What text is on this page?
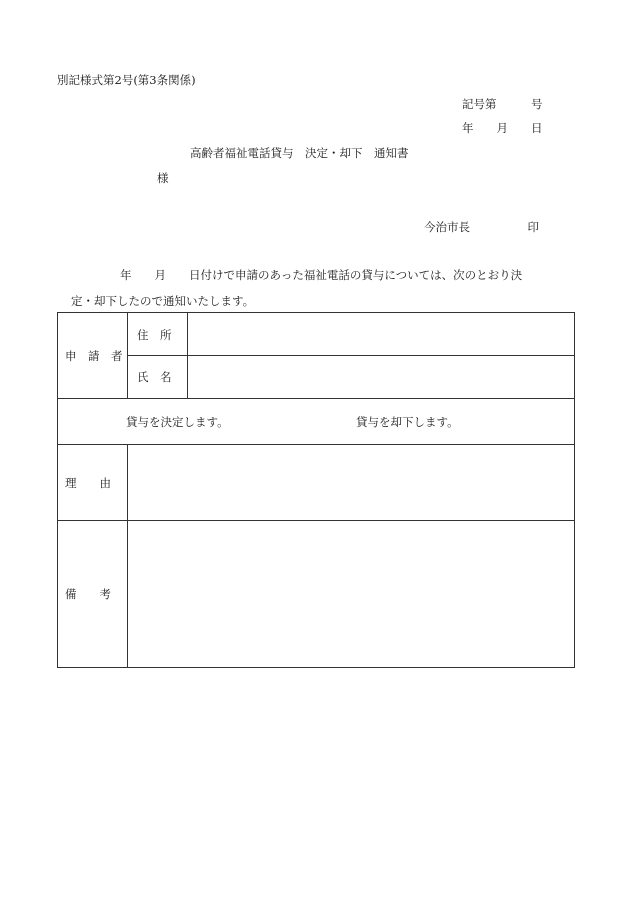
別記様式第2号(第3条関係)
記号第　　　号
年　　月　　日
高齢者福祉電話貸与　決定・却下　通知書
様
今治市長　　　　　印
年　　月　　日付けで申請のあった福祉電話の貸与については、次のとおり決
定・却下したので通知いたします。
申　請　者
住　所
氏　名
貸与を決定します。	貸与を却下します。
理　　由
備　　考
